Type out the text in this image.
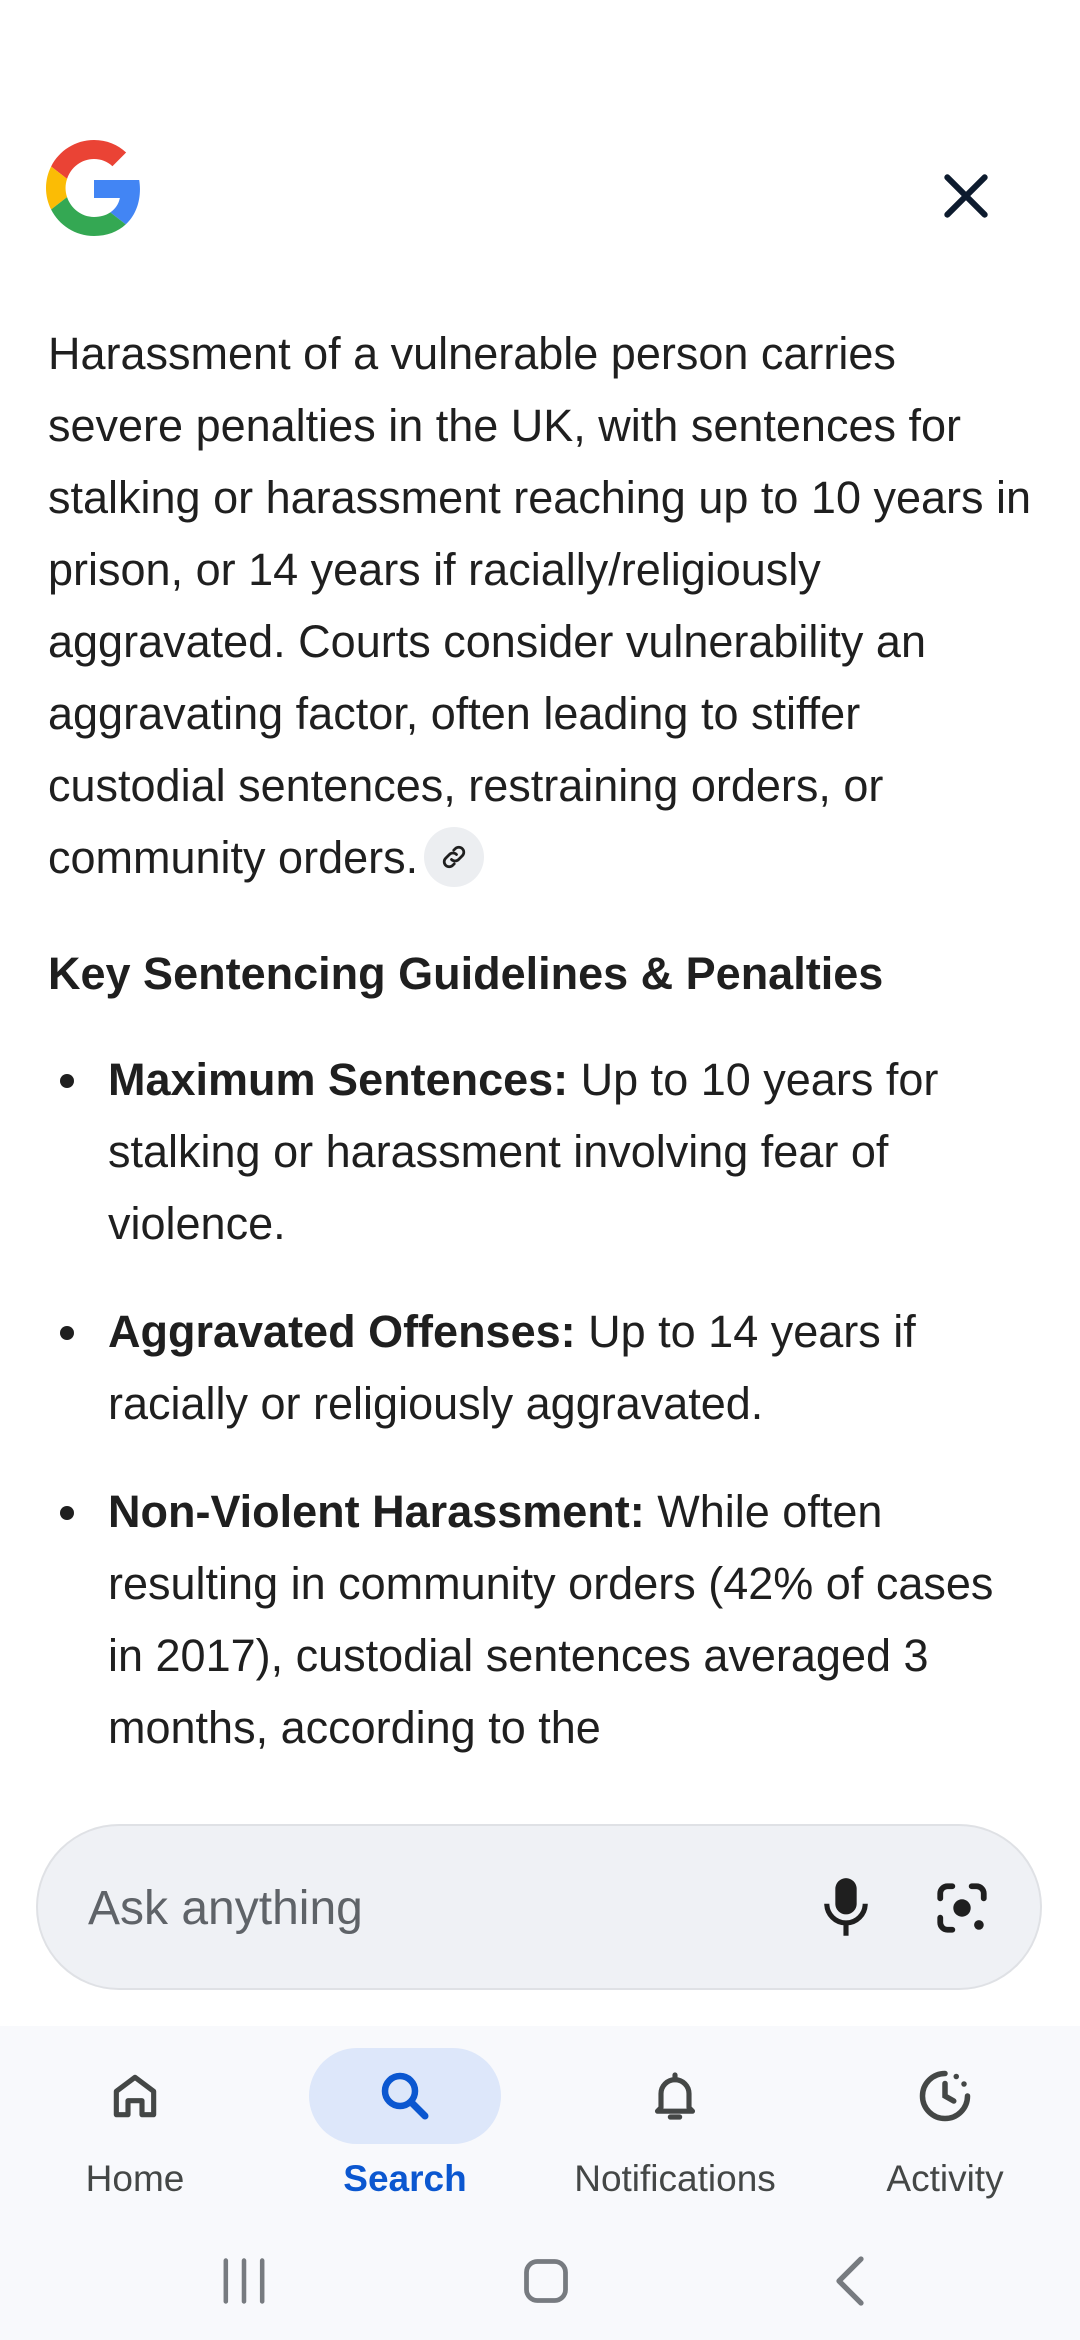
Harassment of a vulnerable person carries severe penalties in the UK, with sentences for stalking or harassment reaching up to 10 years in prison, or 14 years if racially/religiously aggravated. Courts consider vulnerability an aggravating factor, often leading to stiffer custodial sentences, restraining orders, or community orders.

Key Sentencing Guidelines & Penalties
Maximum Sentences: Up to 10 years for stalking or harassment involving fear of violence.
Aggravated Offenses: Up to 14 years if racially or religiously aggravated.
Non-Violent Harassment: While often resulting in community orders (42% of cases in 2017), custodial sentences averaged 3 months, according to the
Ask anything
Home	Search	Notifications	Activity
